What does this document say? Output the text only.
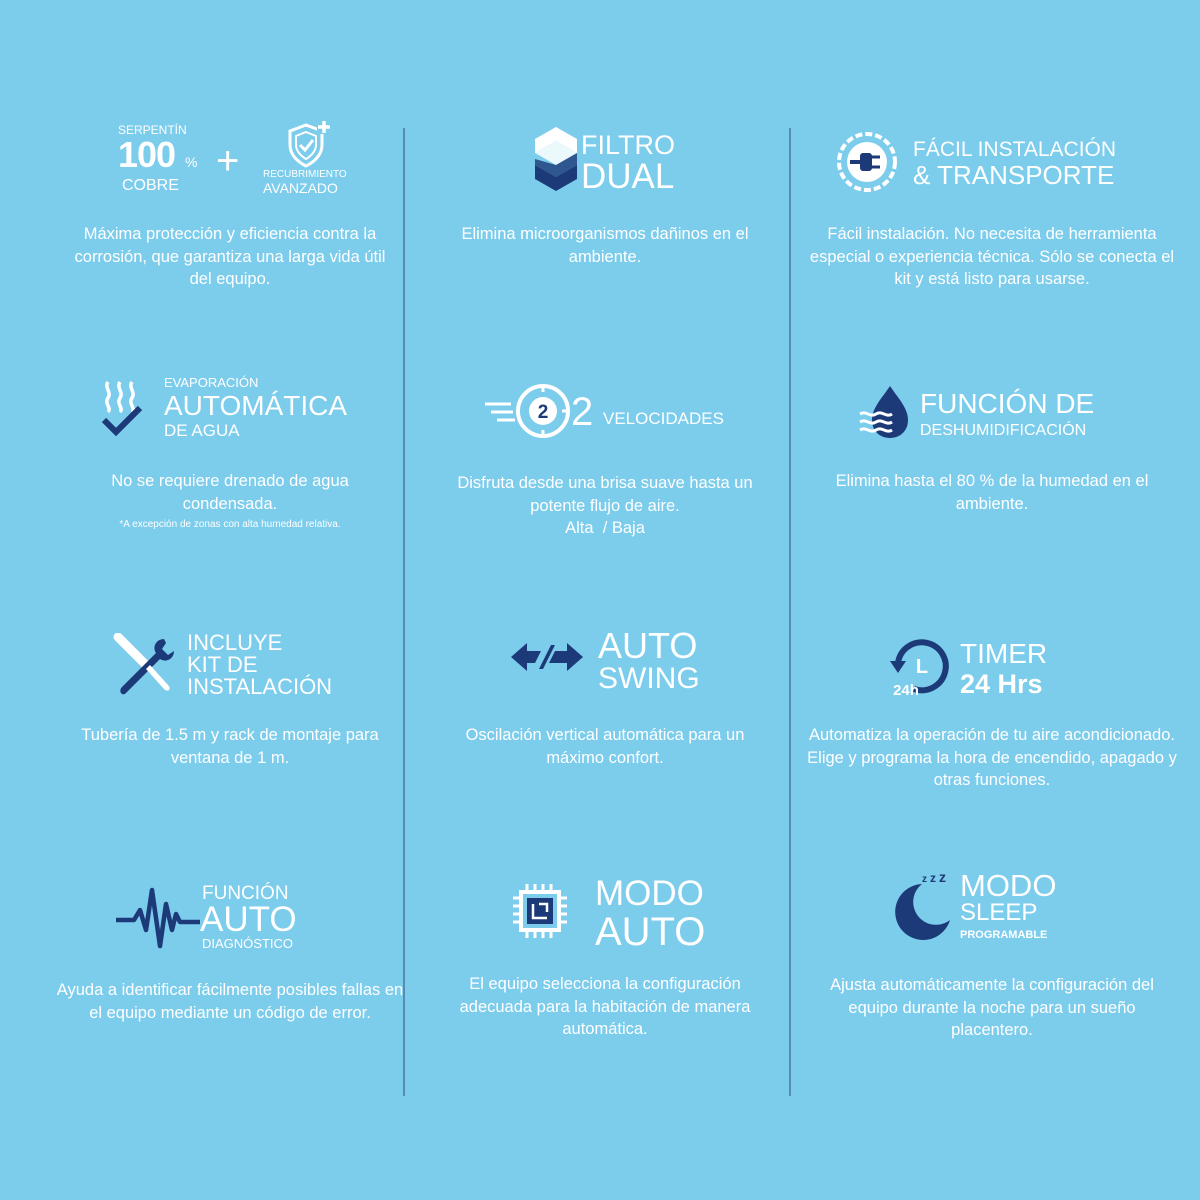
SERPENTÍN
100 %
COBRE
+ RECUBRIMIENTO
AVANZADO
Máxima protección y eficiencia contra la corrosión, que garantiza una larga vida útil del equipo.
FILTRO
DUAL
Elimina microorganismos dañinos en el ambiente.
FÁCIL INSTALACIÓN
& TRANSPORTE
Fácil instalación. No necesita de herramienta especial o experiencia técnica. Sólo se conecta el kit y está listo para usarse.
EVAPORACIÓN
AUTOMÁTICA
DE AGUA
No se requiere drenado de agua condensada.
*A excepción de zonas con alta humedad relativa.
2 2 VELOCIDADES
Disfruta desde una brisa suave hasta un potente flujo de aire.
Alta  / Baja
FUNCIÓN DE
DESHUMIDIFICACIÓN
Elimina hasta el 80 % de la humedad en el ambiente.
INCLUYE
KIT DE
INSTALACIÓN
Tubería de 1.5 m y rack de montaje para ventana de 1 m.
AUTO
SWING
Oscilación vertical automática para un máximo confort.
L
24h
TIMER
24 Hrs
Automatiza la operación de tu aire acondicionado. Elige y programa la hora de encendido, apagado y otras funciones.
FUNCIÓN
AUTO
DIAGNÓSTICO
Ayuda a identificar fácilmente posibles fallas en el equipo mediante un código de error.
MODO
AUTO
El equipo selecciona la configuración adecuada para la habitación de manera automática.
z z z MODO
SLEEP
PROGRAMABLE
Ajusta automáticamente la configuración del equipo durante la noche para un sueño placentero.
